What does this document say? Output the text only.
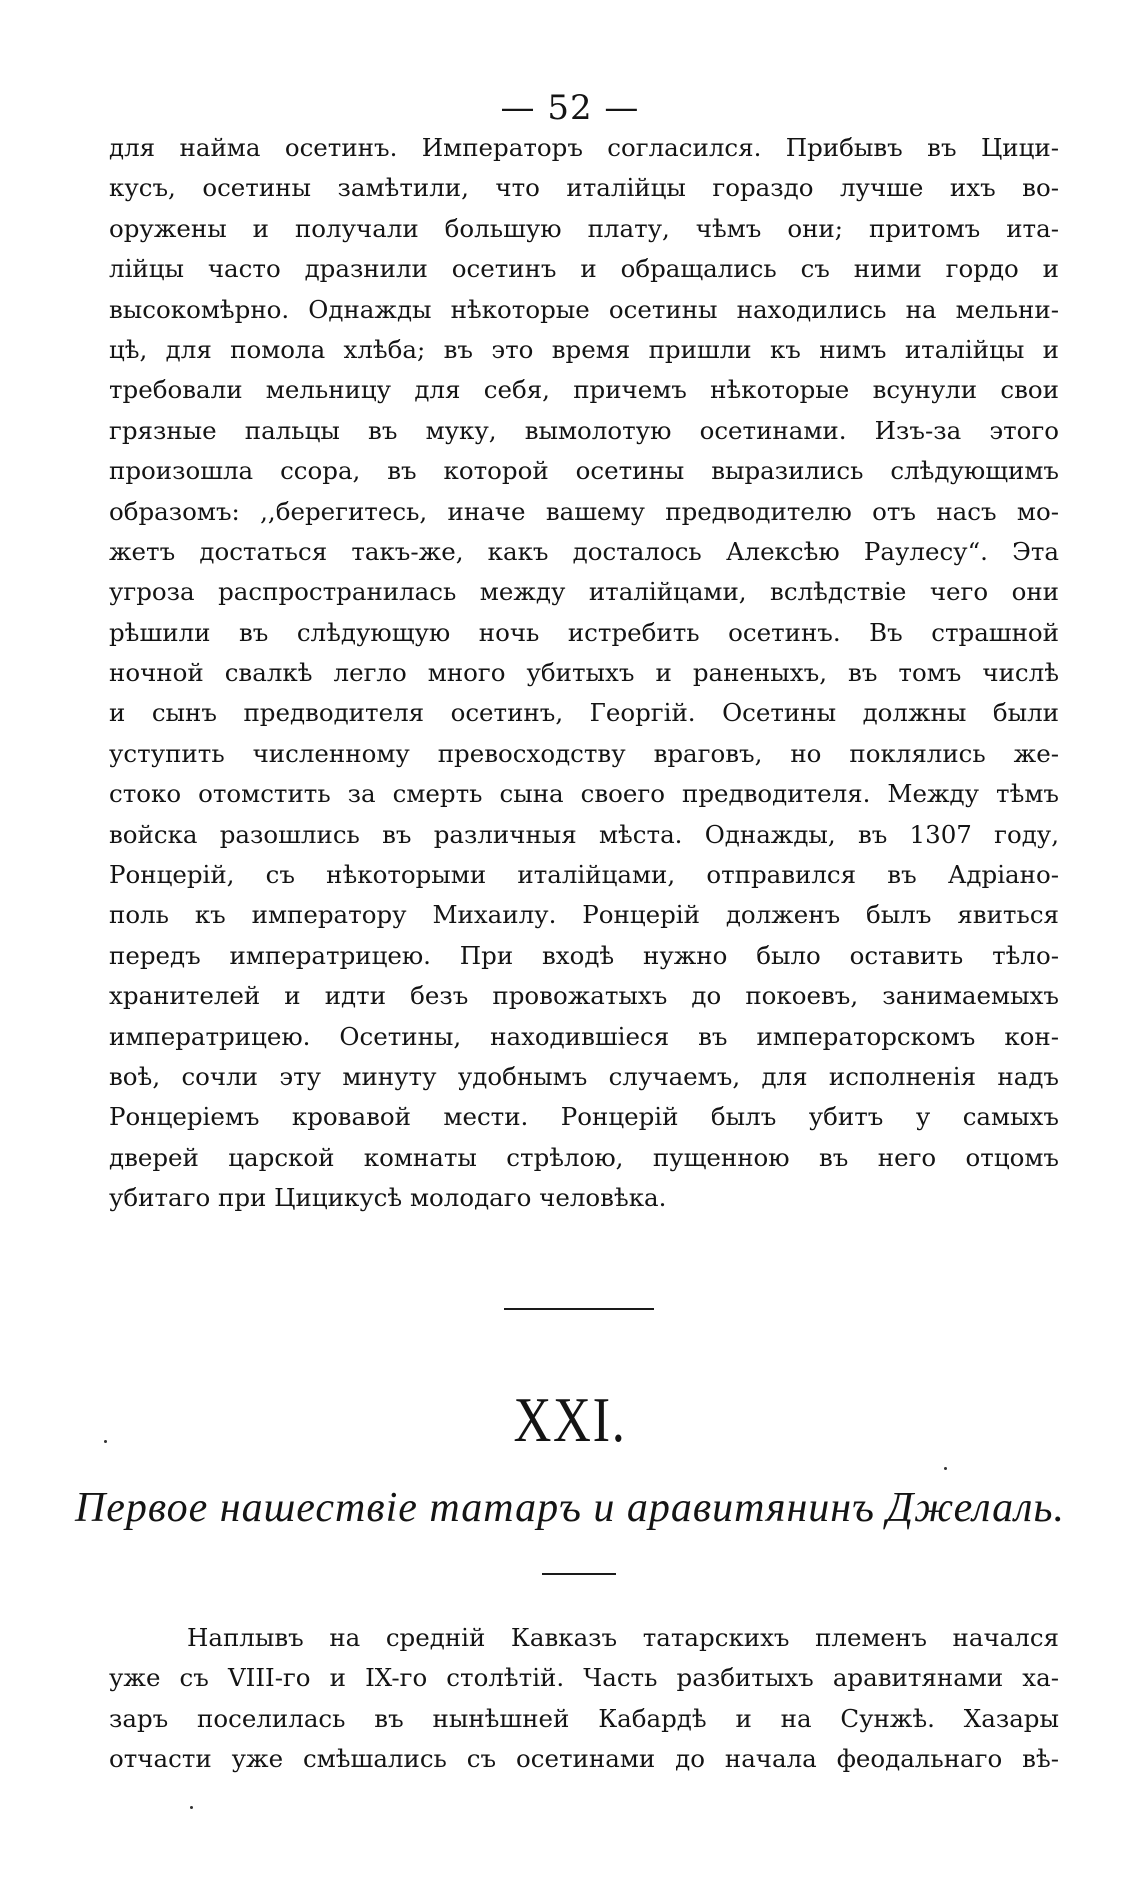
— 52 —
для найма осетинъ. Императоръ согласился. Прибывъ въ Цици-
кусъ, осетины замѣтили, что италійцы гораздо лучше ихъ во-
оружены и получали большую плату, чѣмъ они; притомъ ита-
лійцы часто дразнили осетинъ и обращались съ ними гордо и
высокомѣрно. Однажды нѣкоторые осетины находились на мельни-
цѣ, для помола хлѣба; въ это время пришли къ нимъ италійцы и
требовали мельницу для себя, причемъ нѣкоторые всунули свои
грязные пальцы въ муку, вымолотую осетинами. Изъ-за этого
произошла ссора, въ которой осетины выразились слѣдующимъ
образомъ: ,,берегитесь, иначе вашему предводителю отъ насъ мо-
жетъ достаться такъ-же, какъ досталось Алексѣю Раулесу“. Эта
угроза распространилась между италійцами, вслѣдствіе чего они
рѣшили въ слѣдующую ночь истребить осетинъ. Въ страшной
ночной свалкѣ легло много убитыхъ и раненыхъ, въ томъ числѣ
и сынъ предводителя осетинъ, Георгій. Осетины должны были
уступить численному превосходству враговъ, но поклялись же-
стоко отомстить за смерть сына своего предводителя. Между тѣмъ
войска разошлись въ различныя мѣста. Однажды, въ 1307 году,
Ронцерій, съ нѣкоторыми италійцами, отправился въ Адріано-
поль къ императору Михаилу. Ронцерій долженъ былъ явиться
передъ императрицею. При входѣ нужно было оставить тѣло-
хранителей и идти безъ провожатыхъ до покоевъ, занимаемыхъ
императрицею. Осетины, находившіеся въ императорскомъ кон-
воѣ, сочли эту минуту удобнымъ случаемъ, для исполненія надъ
Ронцеріемъ кровавой мести. Ронцерій былъ убитъ у самыхъ
дверей царской комнаты стрѣлою, пущенною въ него отцомъ
убитаго при Цицикусѣ молодаго человѣка.
XXI.
Первое нашествіе татаръ и аравитянинъ Джелаль.
Наплывъ на средній Кавказъ татарскихъ племенъ начался
уже съ VIII-го и IX-го столѣтій. Часть разбитыхъ аравитянами ха-
заръ поселилась въ нынѣшней Кабардѣ и на Сунжѣ. Хазары
отчасти уже смѣшались съ осетинами до начала феодальнаго вѣ-
